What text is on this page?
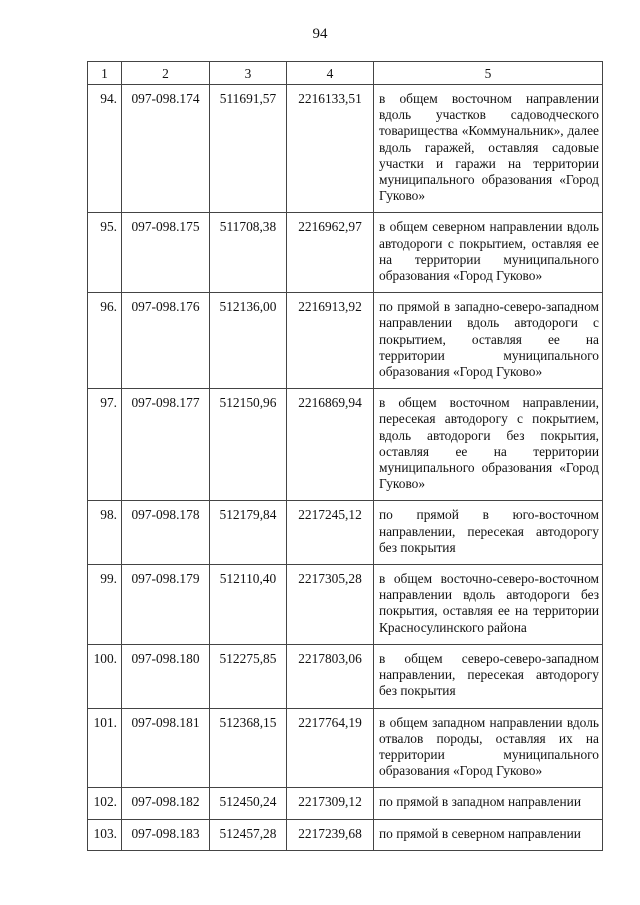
94
1	2	3	4	5
94.	097-098.174	511691,57	2216133,51	в общем восточном направлении вдоль участков садоводческого товарищества «Коммунальник», далее вдоль гаражей, оставляя садовые участки и гаражи на территории муниципального образования «Город Гуково»
95.	097-098.175	511708,38	2216962,97	в общем северном направлении вдоль автодороги с покрытием, оставляя ее на территории муниципального образования «Город Гуково»
96.	097-098.176	512136,00	2216913,92	по прямой в западно-северо-западном направлении вдоль автодороги с покрытием, оставляя ее на территории муниципального образования «Город Гуково»
97.	097-098.177	512150,96	2216869,94	в общем восточном направлении, пересекая автодорогу с покрытием, вдоль автодороги без покрытия, оставляя ее на территории муниципального образования «Город Гуково»
98.	097-098.178	512179,84	2217245,12	по прямой в юго-восточном направлении, пересекая автодорогу без покрытия
99.	097-098.179	512110,40	2217305,28	в общем восточно-северо-восточном направлении вдоль автодороги без покрытия, оставляя ее на территории Красносулинского района
100.	097-098.180	512275,85	2217803,06	в общем северо-северо-западном направлении, пересекая автодорогу без покрытия
101.	097-098.181	512368,15	2217764,19	в общем западном направлении вдоль отвалов породы, оставляя их на территории муниципального образования «Город Гуково»
102.	097-098.182	512450,24	2217309,12	по прямой в западном направлении
103.	097-098.183	512457,28	2217239,68	по прямой в северном направлении
